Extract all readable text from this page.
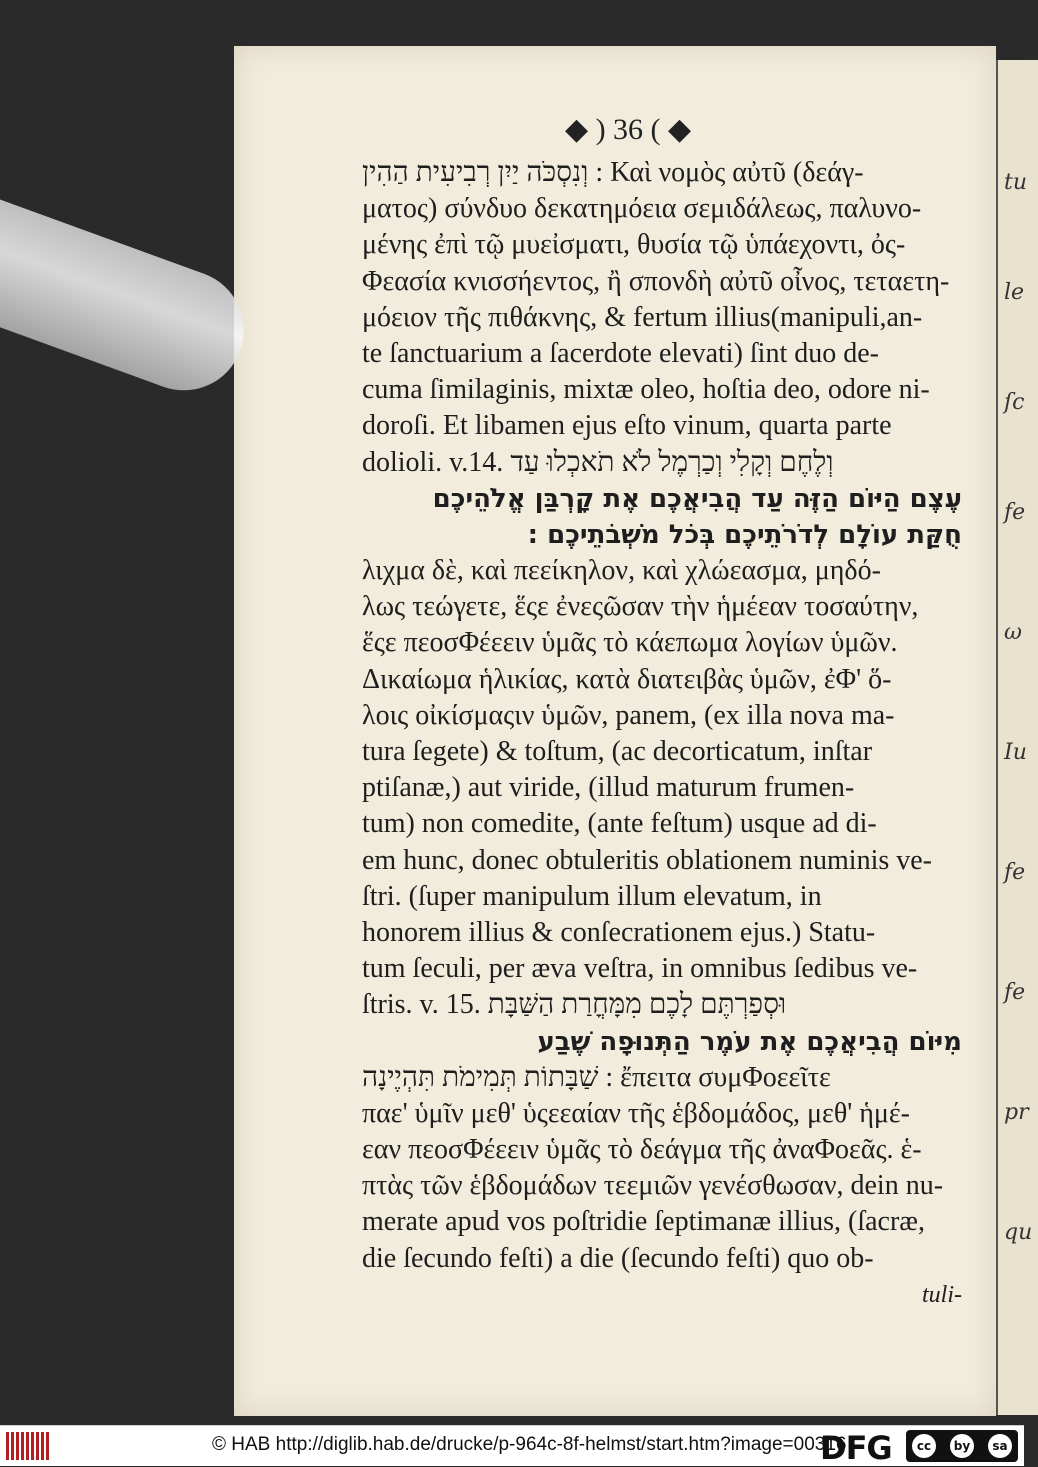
tu
le
ſc
fe
ω
Iu
fe
fe
pr
qu
◆ ) 36 ( ◆
וְנִסְכֹּה יַיִן רְבִיעִית הַהִין : Καὶ νομὸς αὐτῦ (δεάγ-
ματος) σύνδυο δεκατημόεια σεμιδάλεως, παλυνο-
μένης ἐπὶ τῷ μυεἰσματι, θυσία τῷ ὑπάεχοντι, ὀς-
Φεασία κνισσήεντος, ἢ σπονδὴ αὐτῦ οἶνος, τεταετη-
μόειον τῆς πιθάκνης, & fertum illius(manipuli,an-
te ſanctuarium a ſacerdote elevati) ſint duo de-
cuma ſimilaginis, mixtæ oleo, hoſtia deo, odore ni-
doroſi. Et libamen ejus eſto vinum, quarta parte
dolioli. v.14. וְלֶחֶם וְקָלִי וְכַרְמֶל לֹא תֹאכְלוּ עַד
עֶצֶם הַיּוֹם הַזֶּה עַד הֲבִיאֲכֶם אֶת קָרְבַּן אֱלֹהֵיכֶם
חֻקַּת עוֹלָם לְדֹרֹתֵיכֶם בְּכֹל מֹשְׁבֹתֵיכֶם :
λιχμα δὲ, καὶ πεείκηλον, καὶ χλώεασμα, μηδό-
λως τεώγετε, ἕςε ἐνεςῶσαν τὴν ἡμέεαν τοσαύτην,
ἕςε πεοσΦέεειν ὑμᾶς τὸ κάεπωμα λογίων ὑμῶν.
Δικαίωμα ἡλικίας, κατὰ διατειβὰς ὑμῶν, ἐΦ' ὅ-
λοις οἰκίσμαςιν ὑμῶν, panem, (ex illa nova ma-
tura ſegete) & toſtum, (ac decorticatum, inſtar
ptiſanæ,) aut viride, (illud maturum frumen-
tum) non comedite, (ante feſtum) usque ad di-
em hunc, donec obtuleritis oblationem numinis ve-
ſtri. (ſuper manipulum illum elevatum, in
honorem illius & conſecrationem ejus.) Statu-
tum ſeculi, per æva veſtra, in omnibus ſedibus ve-
ſtris. v. 15. וּסְפַרְתֶּם לָכֶם מִמָּחֳרַת הַשַּׁבָּת
מִיּוֹם הֲבִיאֲכֶם אֶת עֹמֶר הַתְּנוּפָה שֶׁבַע
שַׁבָּתוֹת תְּמִימֹת תִּהְיֶינָה : ἔπειτα συμΦοεεῖτε
παε' ὑμῖν μεθ' ὑςεεαίαν τῆς ἑβδομάδος, μεθ' ἡμέ-
εαν πεοσΦέεειν ὑμᾶς τὸ δεάγμα τῆς ἀναΦοεᾶς. ἑ-
πτὰς τῶν ἑβδομάδων τεεμιῶν γενέσθωσαν, dein nu-
merate apud vos poſtridie ſeptimanæ illius, (ſacræ,
die ſecundo feſti) a die (ſecundo feſti) quo ob-
tuli-
© HAB http://diglib.hab.de/drucke/p-964c-8f-helmst/start.htm?image=00316
DFG	cc	by	sa
